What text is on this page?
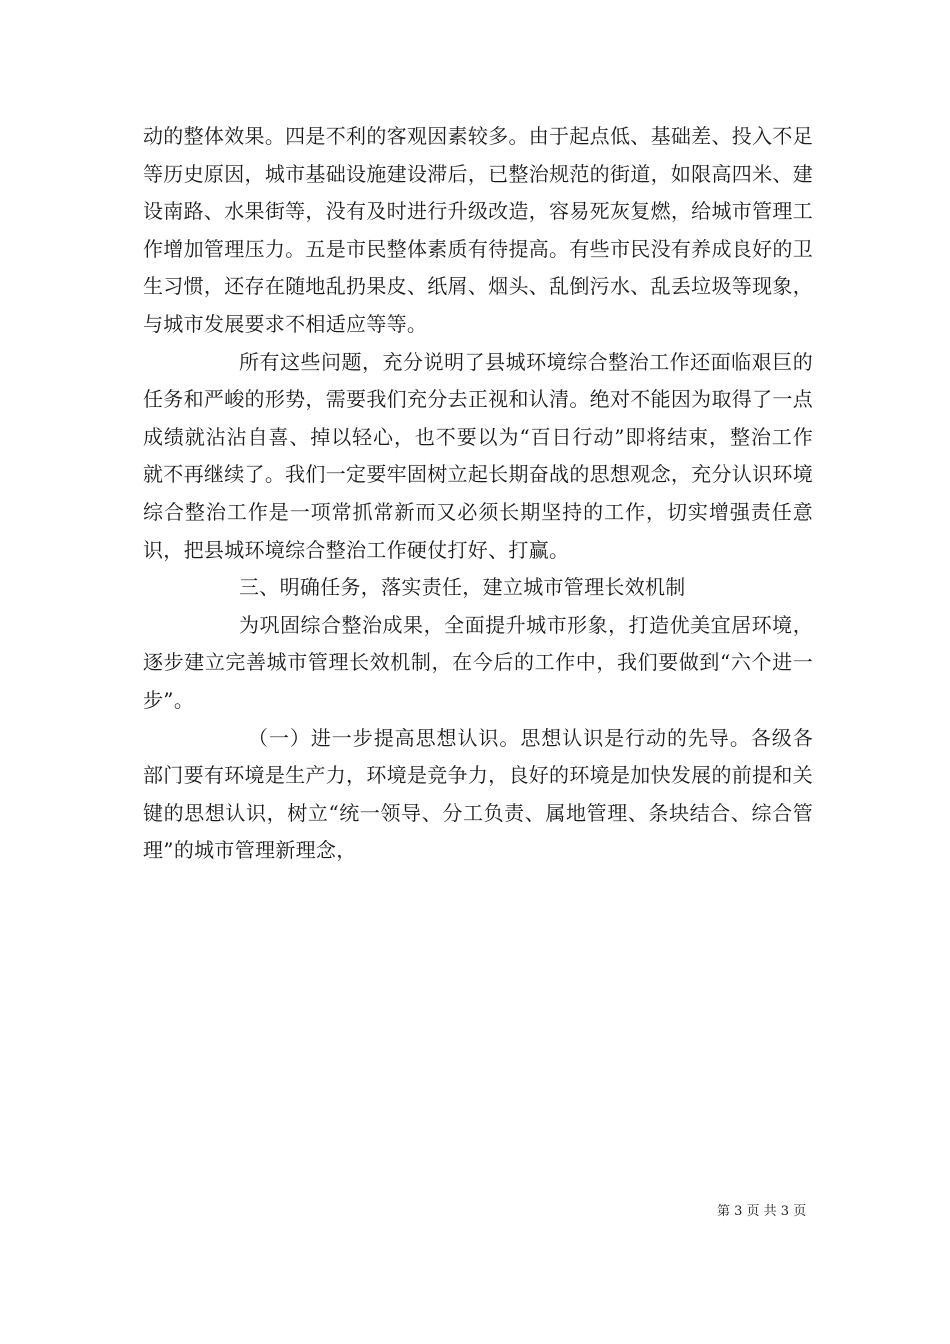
动的整体效果。四是不利的客观因素较多。由于起点低、基础差、投入不足等历史原因，城市基础设施建设滞后，已整治规范的街道，如限高四米、建设南路、水果街等，没有及时进行升级改造，容易死灰复燃，给城市管理工作增加管理压力。五是市民整体素质有待提高。有些市民没有养成良好的卫生习惯，还存在随地乱扔果皮、纸屑、烟头、乱倒污水、乱丢垃圾等现象，与城市发展要求不相适应等等。

所有这些问题，充分说明了县城环境综合整治工作还面临艰巨的任务和严峻的形势，需要我们充分去正视和认清。绝对不能因为取得了一点成绩就沾沾自喜、掉以轻心，也不要以为“百日行动”即将结束，整治工作就不再继续了。我们一定要牢固树立起长期奋战的思想观念，充分认识环境综合整治工作是一项常抓常新而又必须长期坚持的工作，切实增强责任意识，把县城环境综合整治工作硬仗打好、打赢。

三、明确任务，落实责任，建立城市管理长效机制

为巩固综合整治成果，全面提升城市形象，打造优美宜居环境，逐步建立完善城市管理长效机制，在今后的工作中，我们要做到“六个进一步”。

（一）进一步提高思想认识。思想认识是行动的先导。各级各部门要有环境是生产力，环境是竞争力，良好的环境是加快发展的前提和关键的思想认识，树立“统一领导、分工负责、属地管理、条块结合、综合管理”的城市管理新理念，

第 3 页 共 3 页
